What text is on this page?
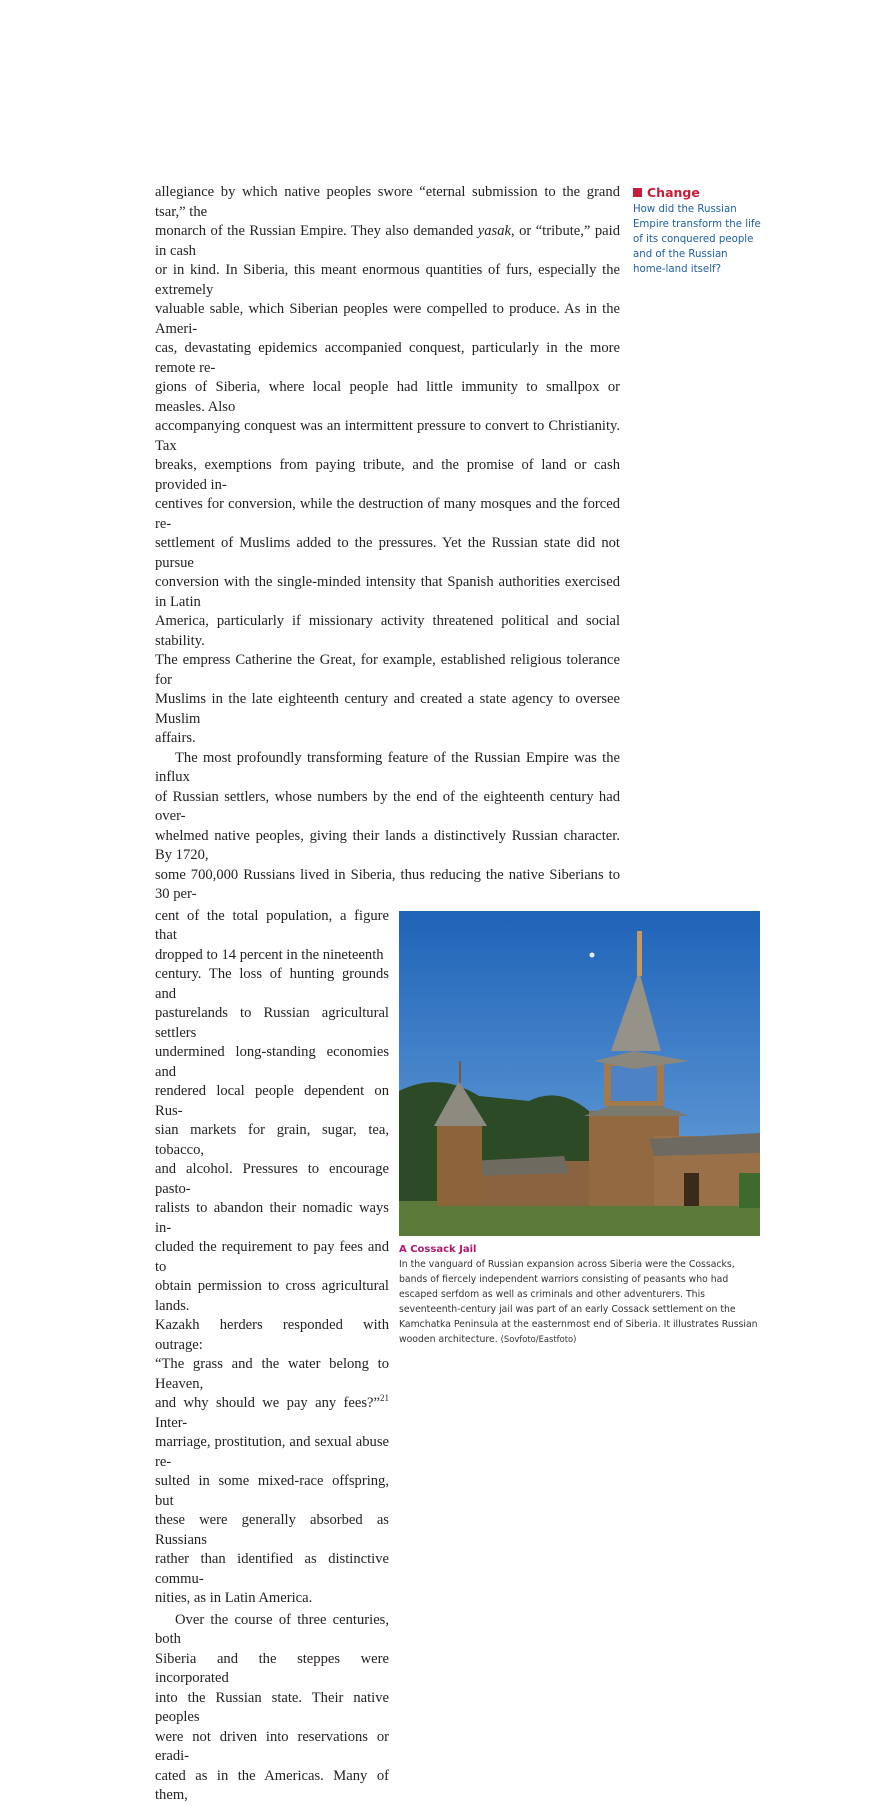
allegiance by which native peoples swore “eternal submission to the grand tsar,” the
monarch of the Russian Empire. They also demanded yasak, or “tribute,” paid in cash
or in kind. In Siberia, this meant enormous quantities of furs, especially the extremely
valuable sable, which Siberian peoples were compelled to produce. As in the Ameri-
cas, devastating epidemics accompanied conquest, particularly in the more remote re-
gions of Siberia, where local people had little immunity to smallpox or measles. Also
accompanying conquest was an intermittent pressure to convert to Christianity. Tax
breaks, exemptions from paying tribute, and the promise of land or cash provided in-
centives for conversion, while the destruction of many mosques and the forced re-
settlement of Muslims added to the pressures. Yet the Russian state did not pursue
conversion with the single-minded intensity that Spanish authorities exercised in Latin
America, particularly if missionary activity threatened political and social stability.
The empress Catherine the Great, for example, established religious tolerance for
Muslims in the late eighteenth century and created a state agency to oversee Muslim
affairs.
The most profoundly transforming feature of the Russian Empire was the influx
of Russian settlers, whose numbers by the end of the eighteenth century had over-
whelmed native peoples, giving their lands a distinctively Russian character. By 1720,
some 700,000 Russians lived in Siberia, thus reducing the native Siberians to 30 per-
cent of the total population, a figure that
dropped to 14 percent in the nineteenth
century. The loss of hunting grounds and
pasturelands to Russian agricultural settlers
undermined long-standing economies and
rendered local people dependent on Rus-
sian markets for grain, sugar, tea, tobacco,
and alcohol. Pressures to encourage pasto-
ralists to abandon their nomadic ways in-
cluded the requirement to pay fees and to
obtain permission to cross agricultural lands.
Kazakh herders responded with outrage:
“The grass and the water belong to Heaven,
and why should we pay any fees?”$^{21}$ Inter-
marriage, prostitution, and sexual abuse re-
sulted in some mixed-race offspring, but
these were generally absorbed as Russians
rather than identified as distinctive commu-
nities, as in Latin America.
Over the course of three centuries, both
Siberia and the steppes were incorporated
into the Russian state. Their native peoples
were not driven into reservations or eradi-
cated as in the Americas. Many of them,
A Cossack Jail
In the vanguard of Russian expansion across Siberia were the Cossacks, bands of fiercely independent warriors consisting of peasants who had escaped serfdom as well as criminals and other adventurers. This seventeenth-century jail was part of an early Cossack settlement on the Kamchatka Peninsula at the easternmost end of Siberia. It illustrates Russian wooden architecture. (Sovfoto/Eastfoto)
Change
How did the Russian Empire transform the life of its conquered people and of the Russian home-land itself?
